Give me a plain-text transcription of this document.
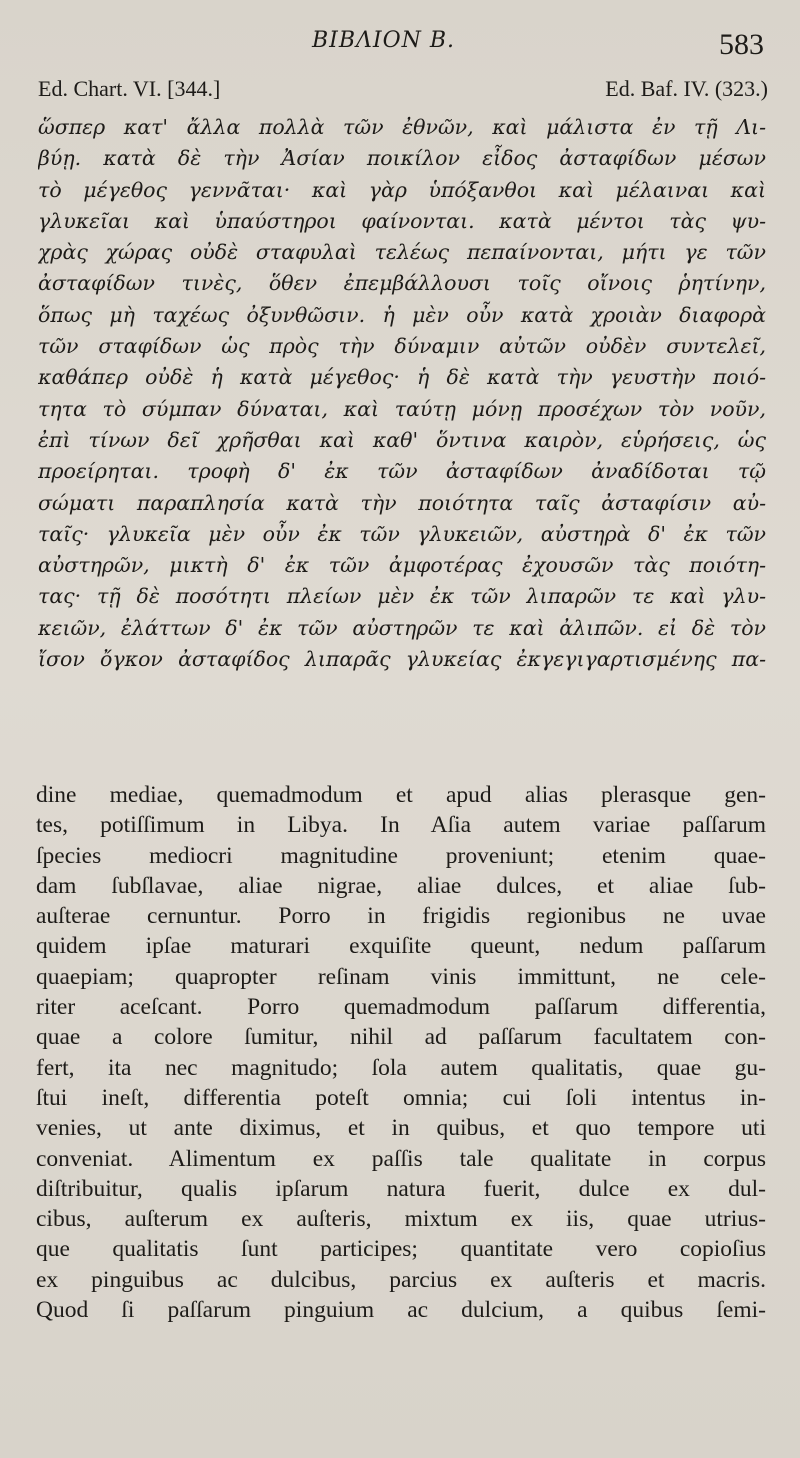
ΒΙΒΛΙΟΝ Β.	583
Ed. Chart. VI. [344.]	Ed. Baf. IV. (323.)
ὥσπερ κατ' ἄλλα πολλὰ τῶν ἐθνῶν, καὶ μάλιστα ἐν τῇ Λι-
βύῃ. κατὰ δὲ τὴν Ἀσίαν ποικίλον εἶδος ἀσταφίδων μέσων
τὸ μέγεθος γεννᾶται· καὶ γὰρ ὑπόξανθοι καὶ μέλαιναι καὶ
γλυκεῖαι καὶ ὑπαύστηροι φαίνονται. κατὰ μέντοι τὰς ψυ-
χρὰς χώρας οὐδὲ σταφυλαὶ τελέως πεπαίνονται, μήτι γε τῶν
ἀσταφίδων τινὲς, ὅθεν ἐπεμβάλλουσι τοῖς οἴνοις ῥητίνην,
ὅπως μὴ ταχέως ὀξυνθῶσιν. ἡ μὲν οὖν κατὰ χροιὰν διαφορὰ
τῶν σταφίδων ὡς πρὸς τὴν δύναμιν αὐτῶν οὐδὲν συντελεῖ,
καθάπερ οὐδὲ ἡ κατὰ μέγεθος· ἡ δὲ κατὰ τὴν γευστὴν ποιό-
τητα τὸ σύμπαν δύναται, καὶ ταύτῃ μόνῃ προσέχων τὸν νοῦν,
ἐπὶ τίνων δεῖ χρῆσθαι καὶ καθ' ὅντινα καιρὸν, εὑρήσεις, ὡς
προείρηται. τροφὴ δ' ἐκ τῶν ἀσταφίδων ἀναδίδοται τῷ
σώματι παραπλησία κατὰ τὴν ποιότητα ταῖς ἀσταφίσιν αὐ-
ταῖς· γλυκεῖα μὲν οὖν ἐκ τῶν γλυκειῶν, αὐστηρὰ δ' ἐκ τῶν
αὐστηρῶν, μικτὴ δ' ἐκ τῶν ἀμφοτέρας ἐχουσῶν τὰς ποιότη-
τας· τῇ δὲ ποσότητι πλείων μὲν ἐκ τῶν λιπαρῶν τε καὶ γλυ-
κειῶν, ἐλάττων δ' ἐκ τῶν αὐστηρῶν τε καὶ ἀλιπῶν. εἰ δὲ τὸν
ἴσον ὄγκον ἀσταφίδος λιπαρᾶς γλυκείας ἐκγεγιγαρτισμένης πα-
dine mediae, quemadmodum et apud alias plerasque gen-
tes, potiſſimum in Libya. In Aſia autem variae paſſarum
ſpecies mediocri magnitudine proveniunt; etenim quae-
dam ſubſlavae, aliae nigrae, aliae dulces, et aliae ſub-
auſterae cernuntur. Porro in frigidis regionibus ne uvae
quidem ipſae maturari exquiſite queunt, nedum paſſarum
quaepiam; quapropter reſinam vinis immittunt, ne cele-
riter aceſcant. Porro quemadmodum paſſarum differentia,
quae a colore ſumitur, nihil ad paſſarum facultatem con-
fert, ita nec magnitudo; ſola autem qualitatis, quae gu-
ſtui ineſt, differentia poteſt omnia; cui ſoli intentus in-
venies, ut ante diximus, et in quibus, et quo tempore uti
conveniat. Alimentum ex paſſis tale qualitate in corpus
diſtribuitur, qualis ipſarum natura fuerit, dulce ex dul-
cibus, auſterum ex auſteris, mixtum ex iis, quae utrius-
que qualitatis ſunt participes; quantitate vero copioſius
ex pinguibus ac dulcibus, parcius ex auſteris et macris.
Quod ſi paſſarum pinguium ac dulcium, a quibus ſemi-
